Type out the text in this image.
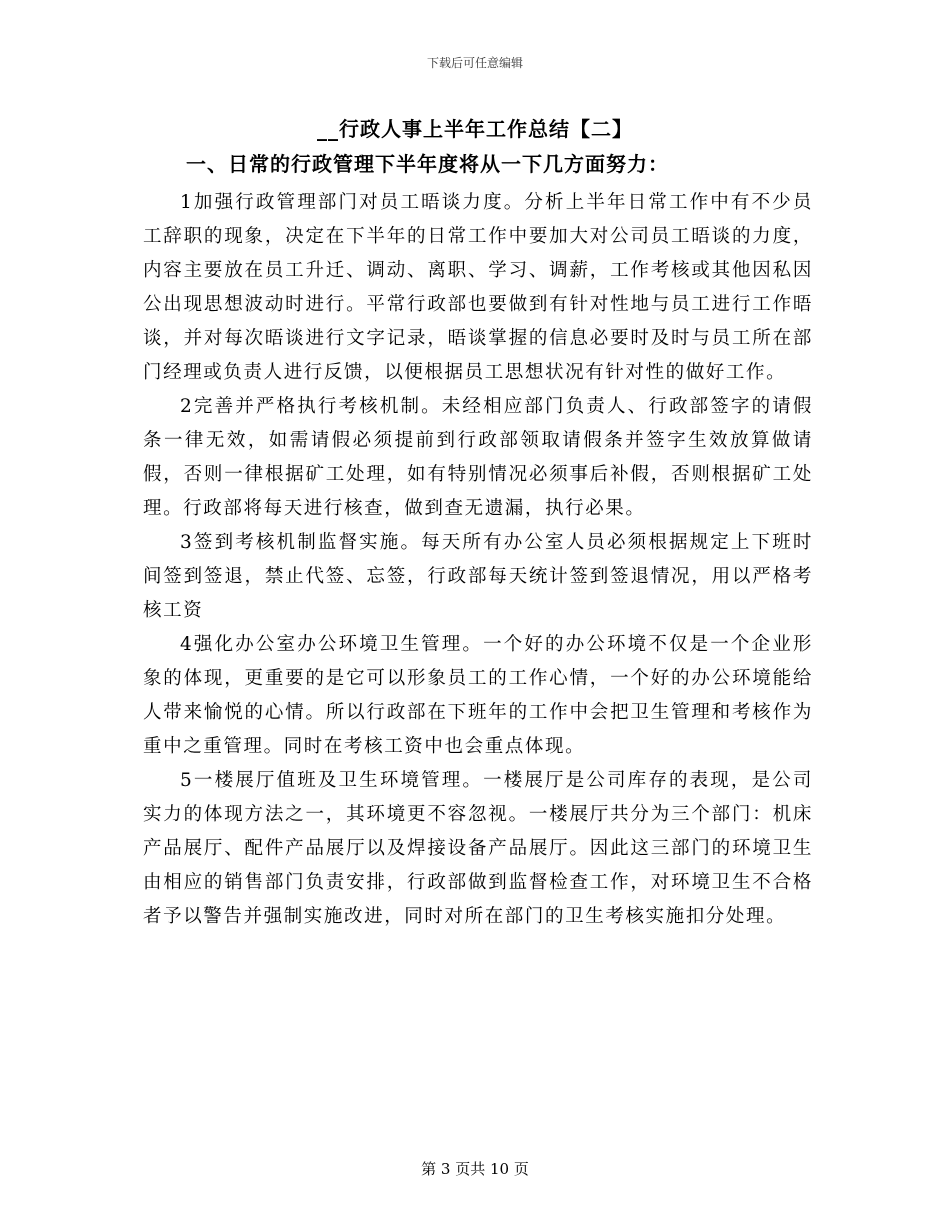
下载后可任意编辑
__行政人事上半年工作总结【二】
一、日常的行政管理下半年度将从一下几方面努力：

1加强行政管理部门对员工晤谈力度。分析上半年日常工作中有不少员工辞职的现象，决定在下半年的日常工作中要加大对公司员工晤谈的力度，内容主要放在员工升迁、调动、离职、学习、调薪，工作考核或其他因私因公出现思想波动时进行。平常行政部也要做到有针对性地与员工进行工作晤谈，并对每次晤谈进行文字记录，晤谈掌握的信息必要时及时与员工所在部门经理或负责人进行反馈，以便根据员工思想状况有针对性的做好工作。

2完善并严格执行考核机制。未经相应部门负责人、行政部签字的请假条一律无效，如需请假必须提前到行政部领取请假条并签字生效放算做请假，否则一律根据矿工处理，如有特别情况必须事后补假，否则根据矿工处理。行政部将每天进行核查，做到查无遗漏，执行必果。

3签到考核机制监督实施。每天所有办公室人员必须根据规定上下班时间签到签退，禁止代签、忘签，行政部每天统计签到签退情况，用以严格考核工资

4强化办公室办公环境卫生管理。一个好的办公环境不仅是一个企业形象的体现，更重要的是它可以形象员工的工作心情，一个好的办公环境能给人带来愉悦的心情。所以行政部在下班年的工作中会把卫生管理和考核作为重中之重管理。同时在考核工资中也会重点体现。

5一楼展厅值班及卫生环境管理。一楼展厅是公司库存的表现，是公司实力的体现方法之一，其环境更不容忽视。一楼展厅共分为三个部门：机床产品展厅、配件产品展厅以及焊接设备产品展厅。因此这三部门的环境卫生由相应的销售部门负责安排，行政部做到监督检查工作，对环境卫生不合格者予以警告并强制实施改进，同时对所在部门的卫生考核实施扣分处理。

第 3 页共 10 页
